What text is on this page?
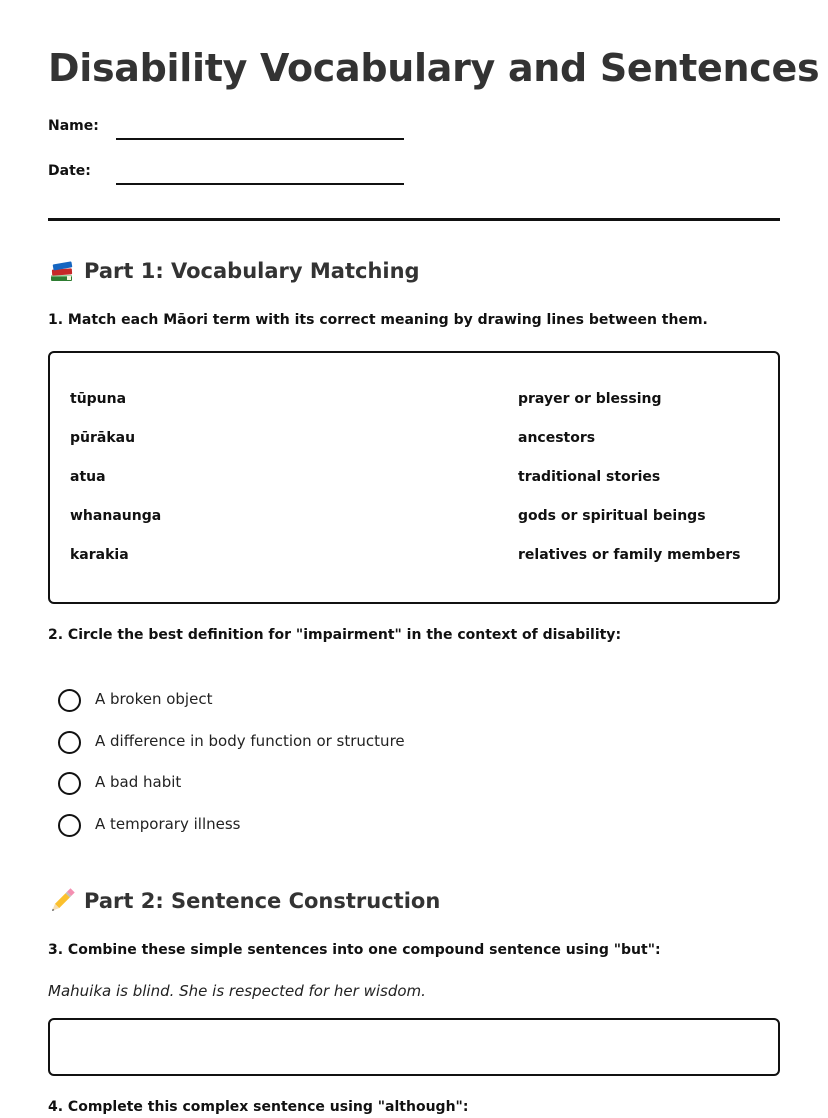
Disability Vocabulary and Sentences
Name:
Date:
Part 1: Vocabulary Matching

1. Match each Māori term with its correct meaning by drawing lines between them.

tūpuna
pūrākau
atua
whanaunga
karakia
prayer or blessing
ancestors
traditional stories
gods or spiritual beings
relatives or family members

2. Circle the best definition for "impairment" in the context of disability:

A broken object
A difference in body function or structure
A bad habit
A temporary illness
Part 2: Sentence Construction

3. Combine these simple sentences into one compound sentence using "but":

Mahuika is blind. She is respected for her wisdom.

4. Complete this complex sentence using "although":
